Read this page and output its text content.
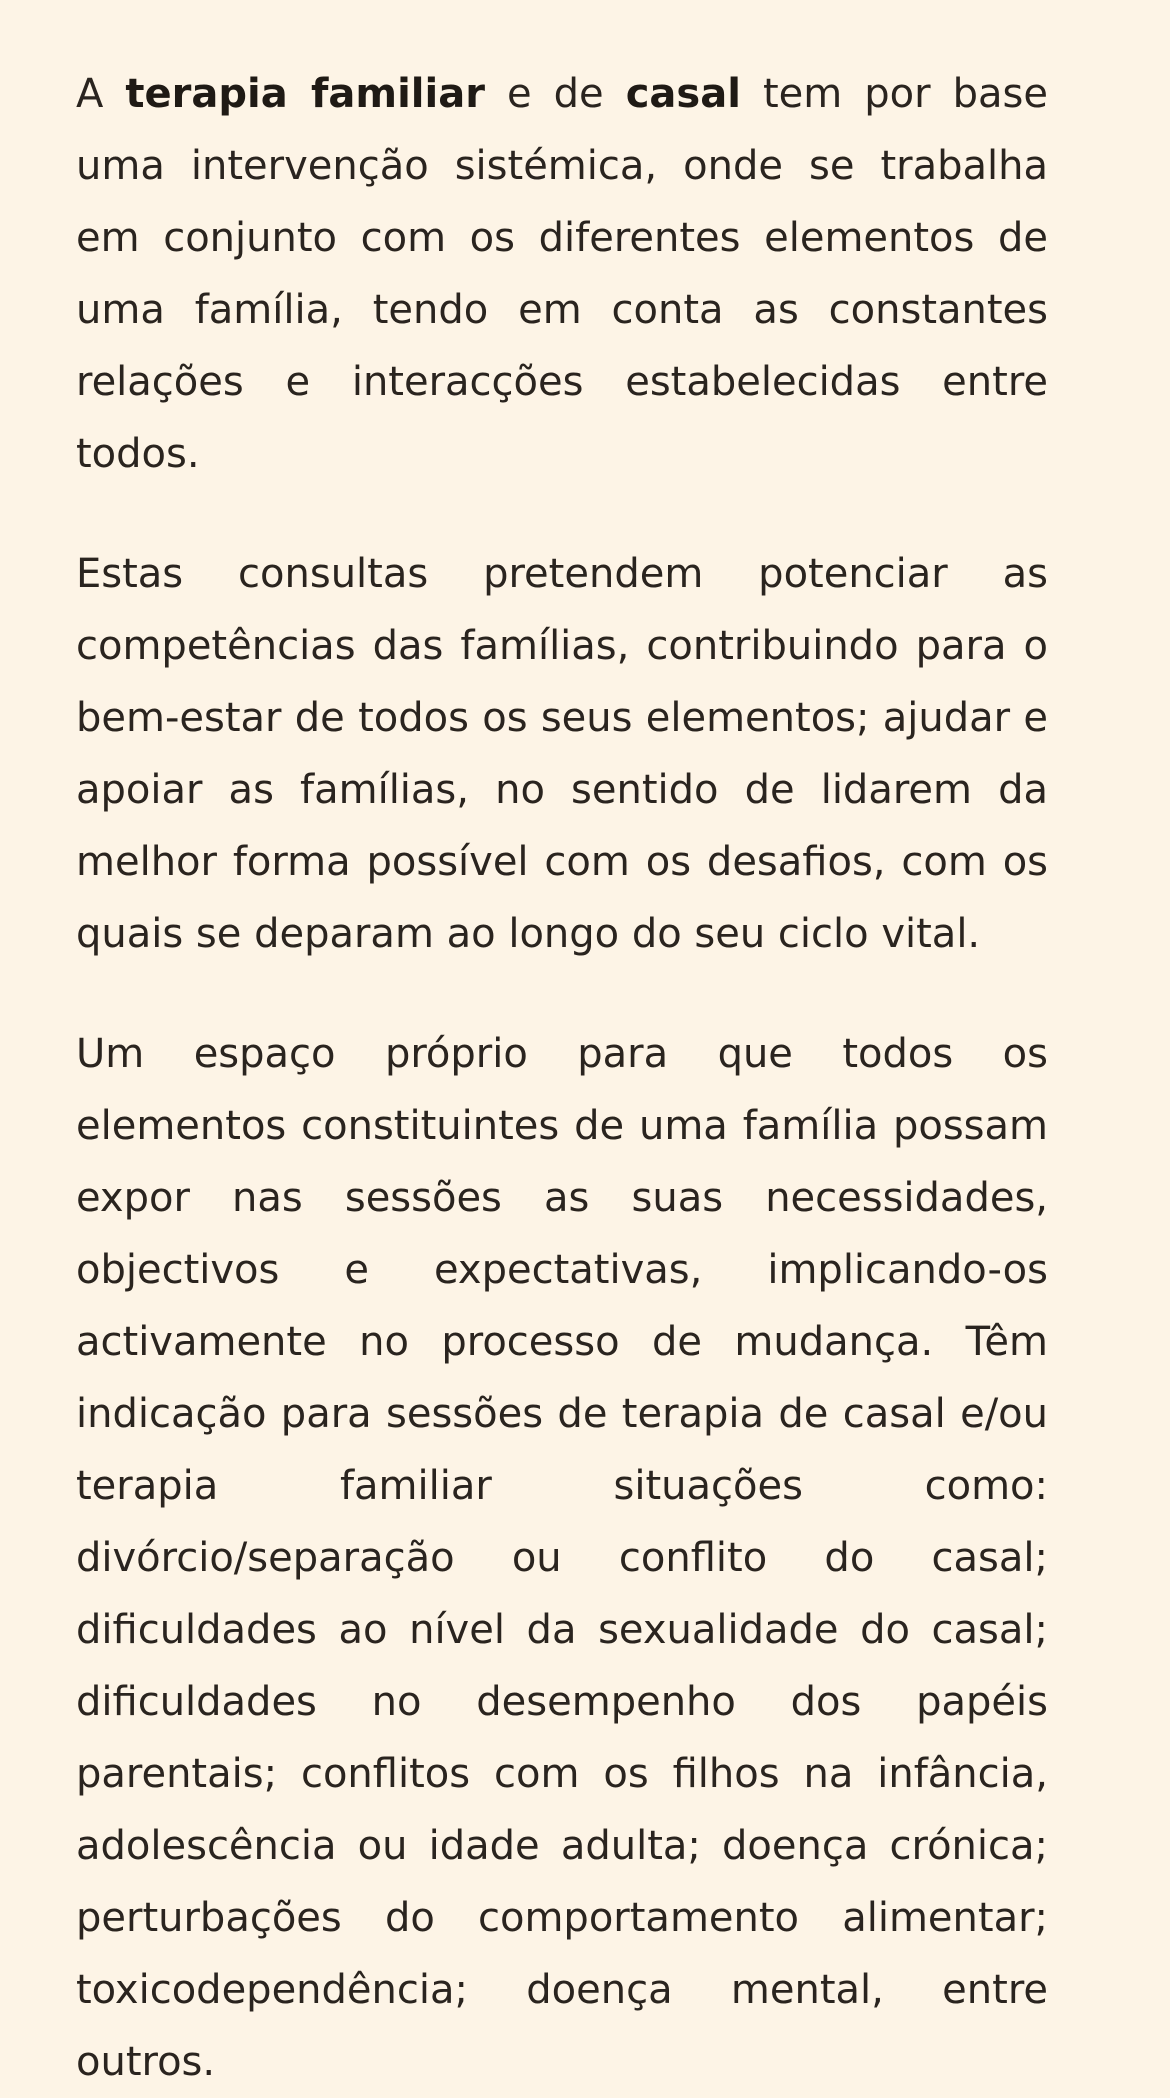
A terapia familiar e de casal tem por base uma intervenção sistémica, onde se trabalha em conjunto com os diferentes elementos de uma família, tendo em conta as constantes relações e interacções estabelecidas entre todos.

Estas consultas pretendem potenciar as competências das famílias, contribuindo para o bem-estar de todos os seus elementos; ajudar e apoiar as famílias, no sentido de lidarem da melhor forma possível com os desafios, com os quais se deparam ao longo do seu ciclo vital.

Um espaço próprio para que todos os elementos constituintes de uma família possam expor nas sessões as suas necessidades, objectivos e expectativas, implicando-os activamente no processo de mudança. Têm indicação para sessões de terapia de casal e/ou terapia familiar situações como: divórcio/separação ou conflito do casal; dificuldades ao nível da sexualidade do casal; dificuldades no desempenho dos papéis parentais; conflitos com os filhos na infância, adolescência ou idade adulta; doença crónica; perturbações do comportamento alimentar; toxicodependência; doença mental, entre outros.
